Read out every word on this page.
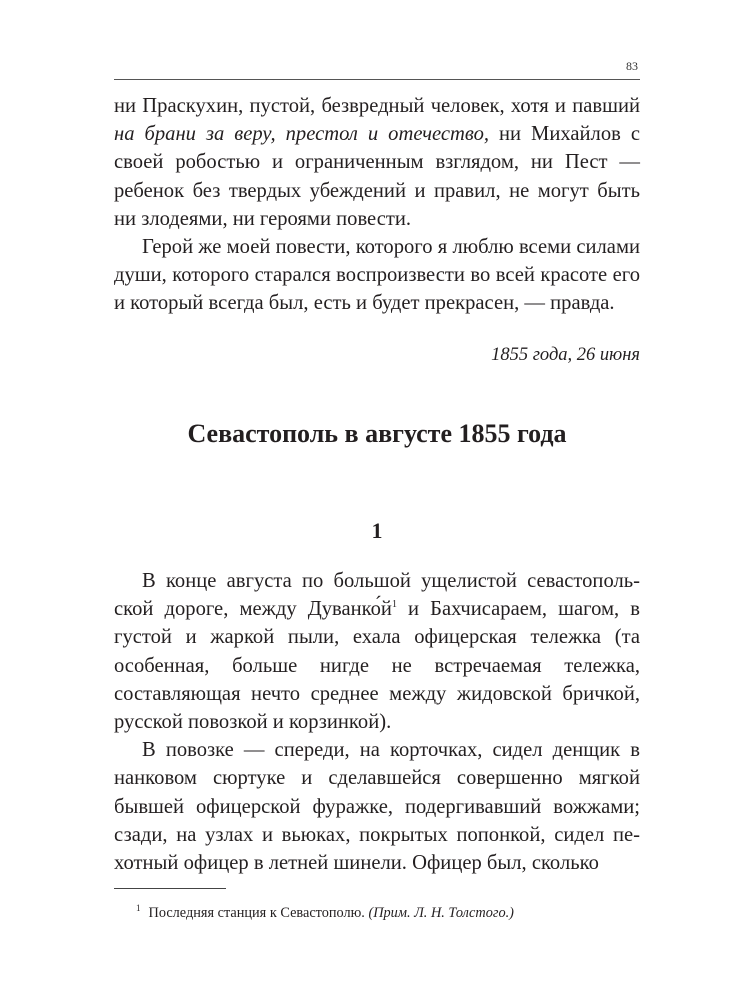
83

ни Праскухин, пустой, безвредный человек, хотя и павший на брани за веру, престол и отечество, ни Михайлов с своей робостью и ограниченным взглядом, ни Пест — ребенок без твердых убеждений и правил, не могут быть ни злодеями, ни героями повести.

Герой же моей повести, которого я люблю всеми силами души, которого старался воспроизвести во всей красоте его и который всегда был, есть и будет прекрасен, — правда.

1855 года, 26 июня
Севастополь в августе 1855 года
1

В конце августа по большой ущелистой севастопольской дороге, между Дуванко́й$^1$ и Бахчисараем, шагом, в густой и жаркой пыли, ехала офицерская тележка (та особенная, больше нигде не встречаемая тележка, составляющая нечто среднее между жидовской бричкой, русской повозкой и корзинкой).

В повозке — спереди, на корточках, сидел денщик в нанковом сюртуке и сделавшейся совершенно мягкой бывшей офицерской фуражке, подергивавший вожжами; сзади, на узлах и вьюках, покрытых попонкой, сидел пехотный офицер в летней шинели. Офицер был, сколько

$^1$ Последняя станция к Севастополю. (Прим. Л. Н. Толстого.)
